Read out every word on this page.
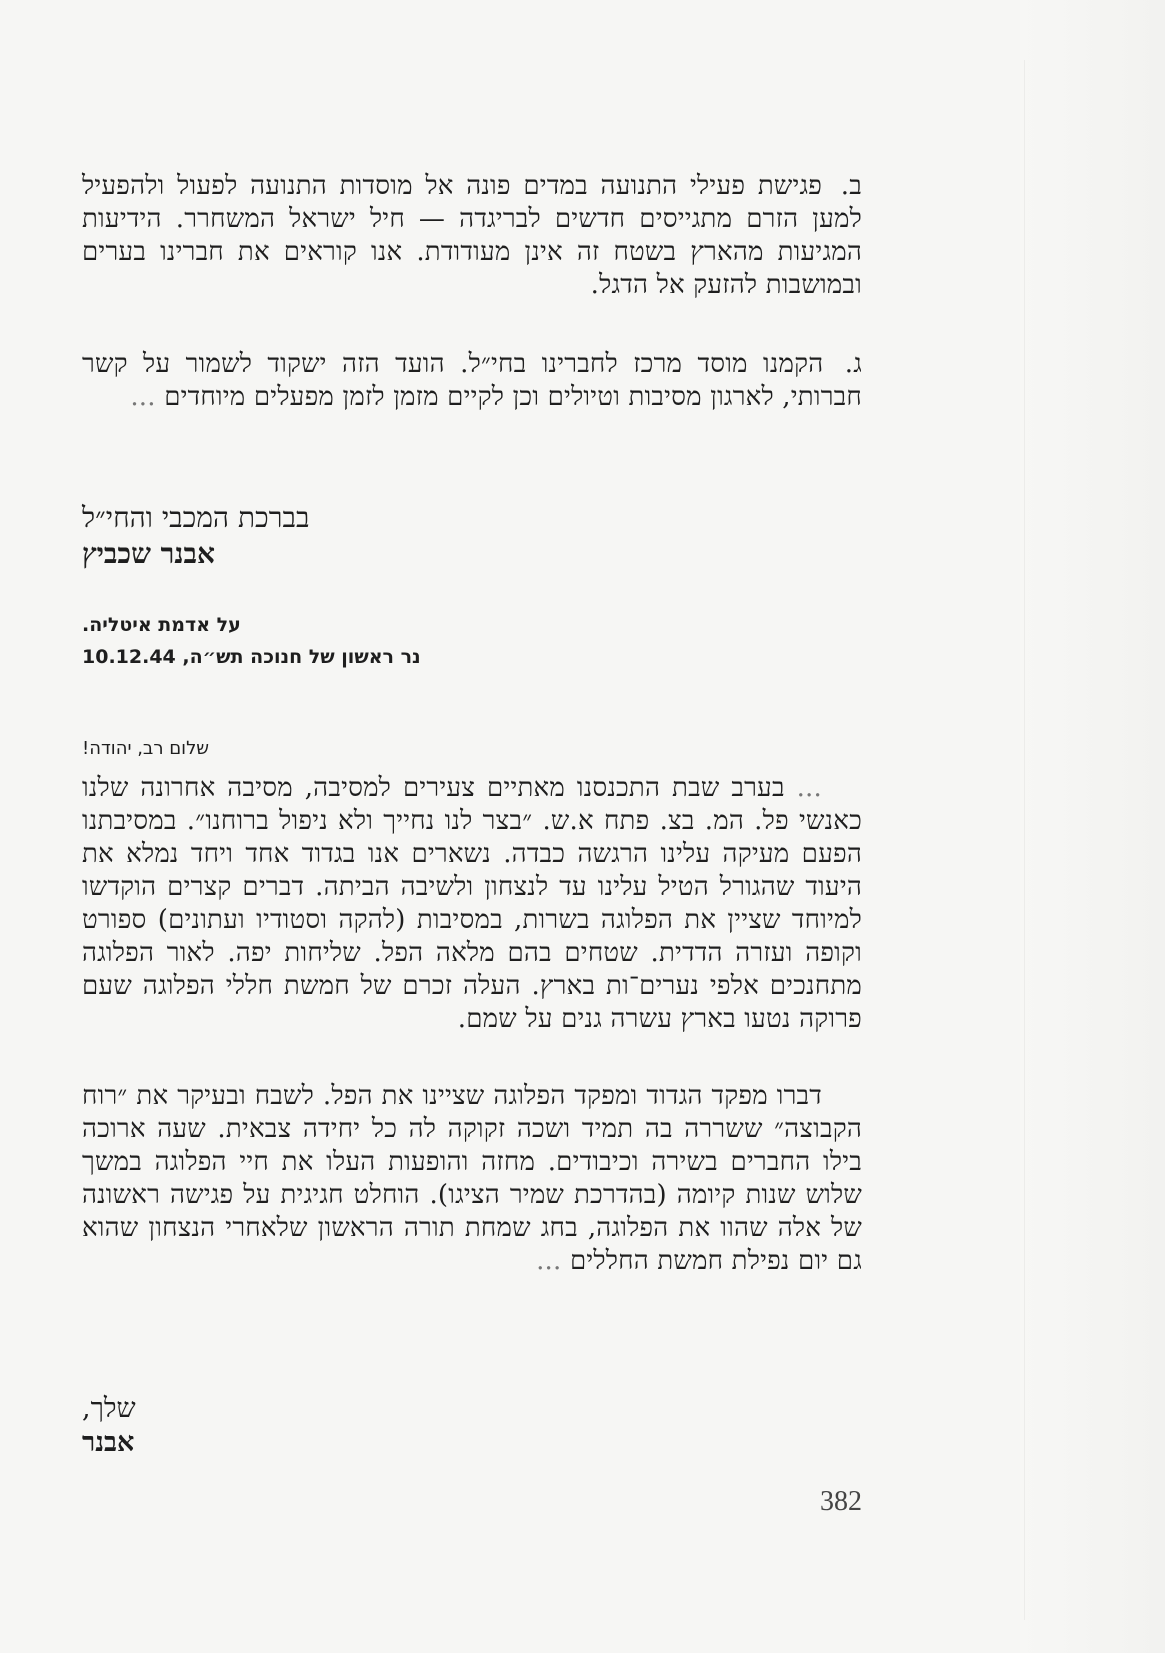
ב. פגישת פעילי התנועה במדים פונה אל מוסדות התנועה לפעול ולהפעיל למען הזרם מתגייסים חדשים לבריגדה — חיל ישראל המשחרר. הידיעות המגיעות מהארץ בשטח זה אינן מעודודת. אנו קוראים את חברינו בערים ובמושבות להזעק אל הדגל.
ג. הקמנו מוסד מרכז לחברינו בחי״ל. הועד הזה ישקוד לשמור על קשר חברותי, לארגון מסיבות וטיולים וכן לקיים מזמן לזמן מפעלים מיוחדים ...
בברכת המכבי והחי״ל
אבנר שכביץ
על אדמת איטליה.
נר ראשון של חנוכה תש״ה, 10.12.44
שלום רב, יהודה!
... בערב שבת התכנסנו מאתיים צעירים למסיבה, מסיבה אחרונה שלנו כאנשי פל. המ. בצ. פתח א.ש. ״בצר לנו נחייך ולא ניפול ברוחנו״. במסיבתנו הפעם מעיקה עלינו הרגשה כבדה. נשארים אנו בגדוד אחד ויחד נמלא את היעוד שהגורל הטיל עלינו עד לנצחון ולשיבה הביתה. דברים קצרים הוקדשו למיוחד שציין את הפלוגה בשרות, במסיבות (להקה וסטודיו ועתונים) ספורט וקופה ועזרה הדדית. שטחים בהם מלאה הפל. שליחות יפה. לאור הפלוגה מתחנכים אלפי נערים־ות בארץ. העלה זכרם של חמשת חללי הפלוגה שעם פרוקה נטעו בארץ עשרה גנים על שמם.
דברו מפקד הגדוד ומפקד הפלוגה שציינו את הפל. לשבח ובעיקר את ״רוח הקבוצה״ ששררה בה תמיד ושכה זקוקה לה כל יחידה צבאית. שעה ארוכה בילו החברים בשירה וכיבודים. מחזה והופעות העלו את חיי הפלוגה במשך שלוש שנות קיומה (בהדרכת שמיר הציגו). הוחלט חגיגית על פגישה ראשונה של אלה שהוו את הפלוגה, בחג שמחת תורה הראשון שלאחרי הנצחון שהוא גם יום נפילת חמשת החללים ...
שלך,
אבנר
382
